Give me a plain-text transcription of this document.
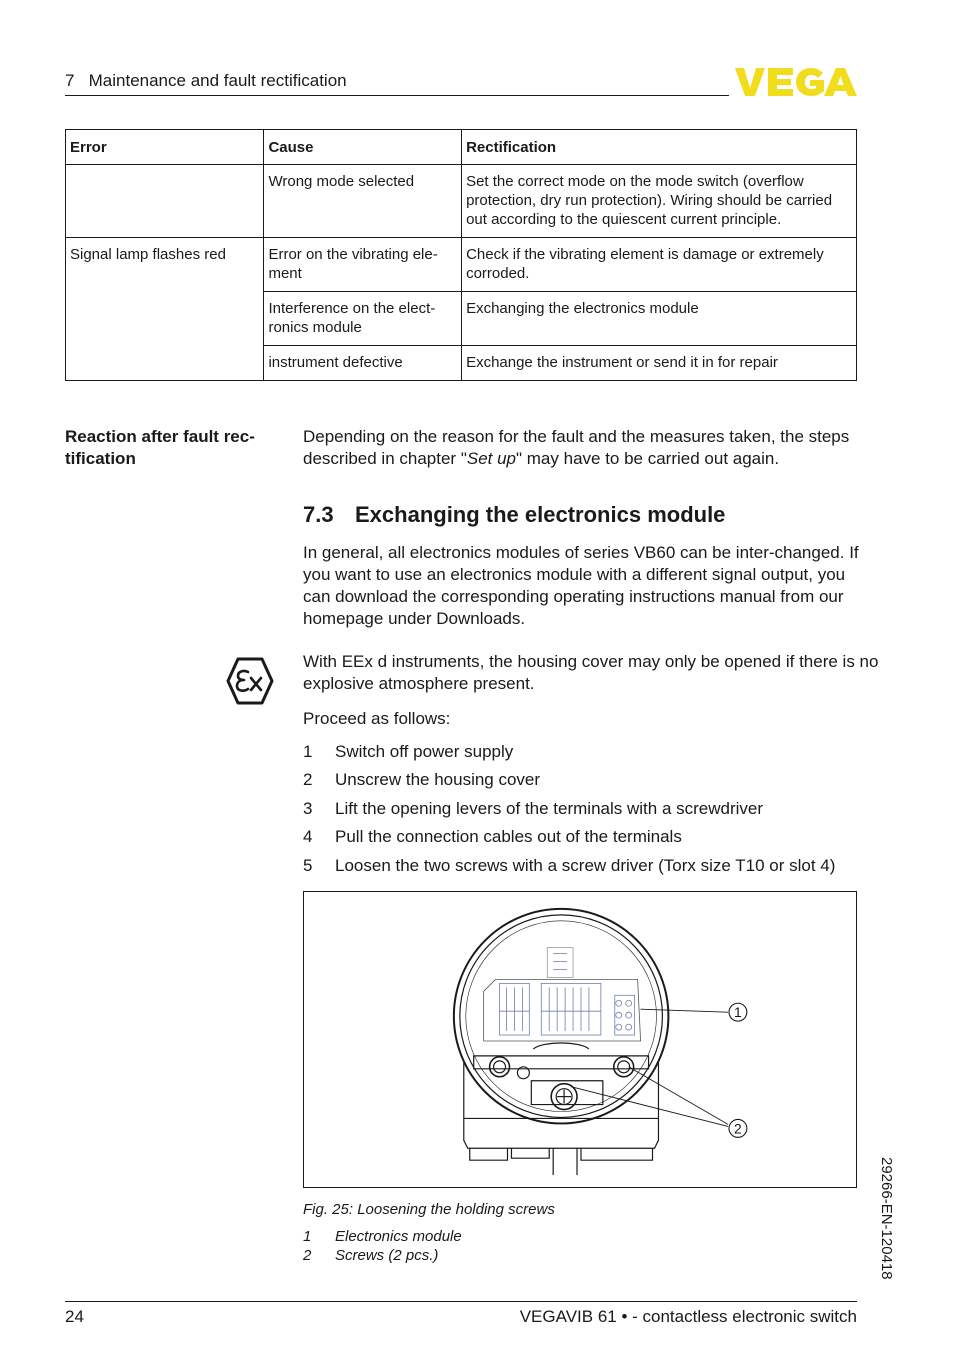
7   Maintenance and fault rectification
Error	Cause	Rectification
	Wrong mode selected	Set the correct mode on the mode switch (overflow protection, dry run protection). Wiring should be carried out according to the quiescent current principle.
Signal lamp flashes red	Error on the vibrating ele-ment	Check if the vibrating element is damage or extremely corroded.
	Interference on the elect-ronics module	Exchanging the electronics module
	instrument defective	Exchange the instrument or send it in for repair
Reaction after fault rec-tification
Depending on the reason for the fault and the measures taken, the steps described in chapter "Set up" may have to be carried out again.
7.3 Exchanging the electronics module
In general, all electronics modules of series VB60 can be inter-changed. If you want to use an electronics module with a different signal output, you can download the corresponding operating instructions manual from our homepage under Downloads.
With EEx d instruments, the housing cover may only be opened if there is no explosive atmosphere present.
Proceed as follows:
1	Switch off power supply
2	Unscrew the housing cover
3	Lift the opening levers of the terminals with a screwdriver
4	Pull the connection cables out of the terminals
5	Loosen the two screws with a screw driver (Torx size T10 or slot 4)
1
2
Fig. 25: Loosening the holding screws
1	Electronics module
2	Screws (2 pcs.)	29266-EN-120418
24	VEGAVIB 61 • - contactless electronic switch
